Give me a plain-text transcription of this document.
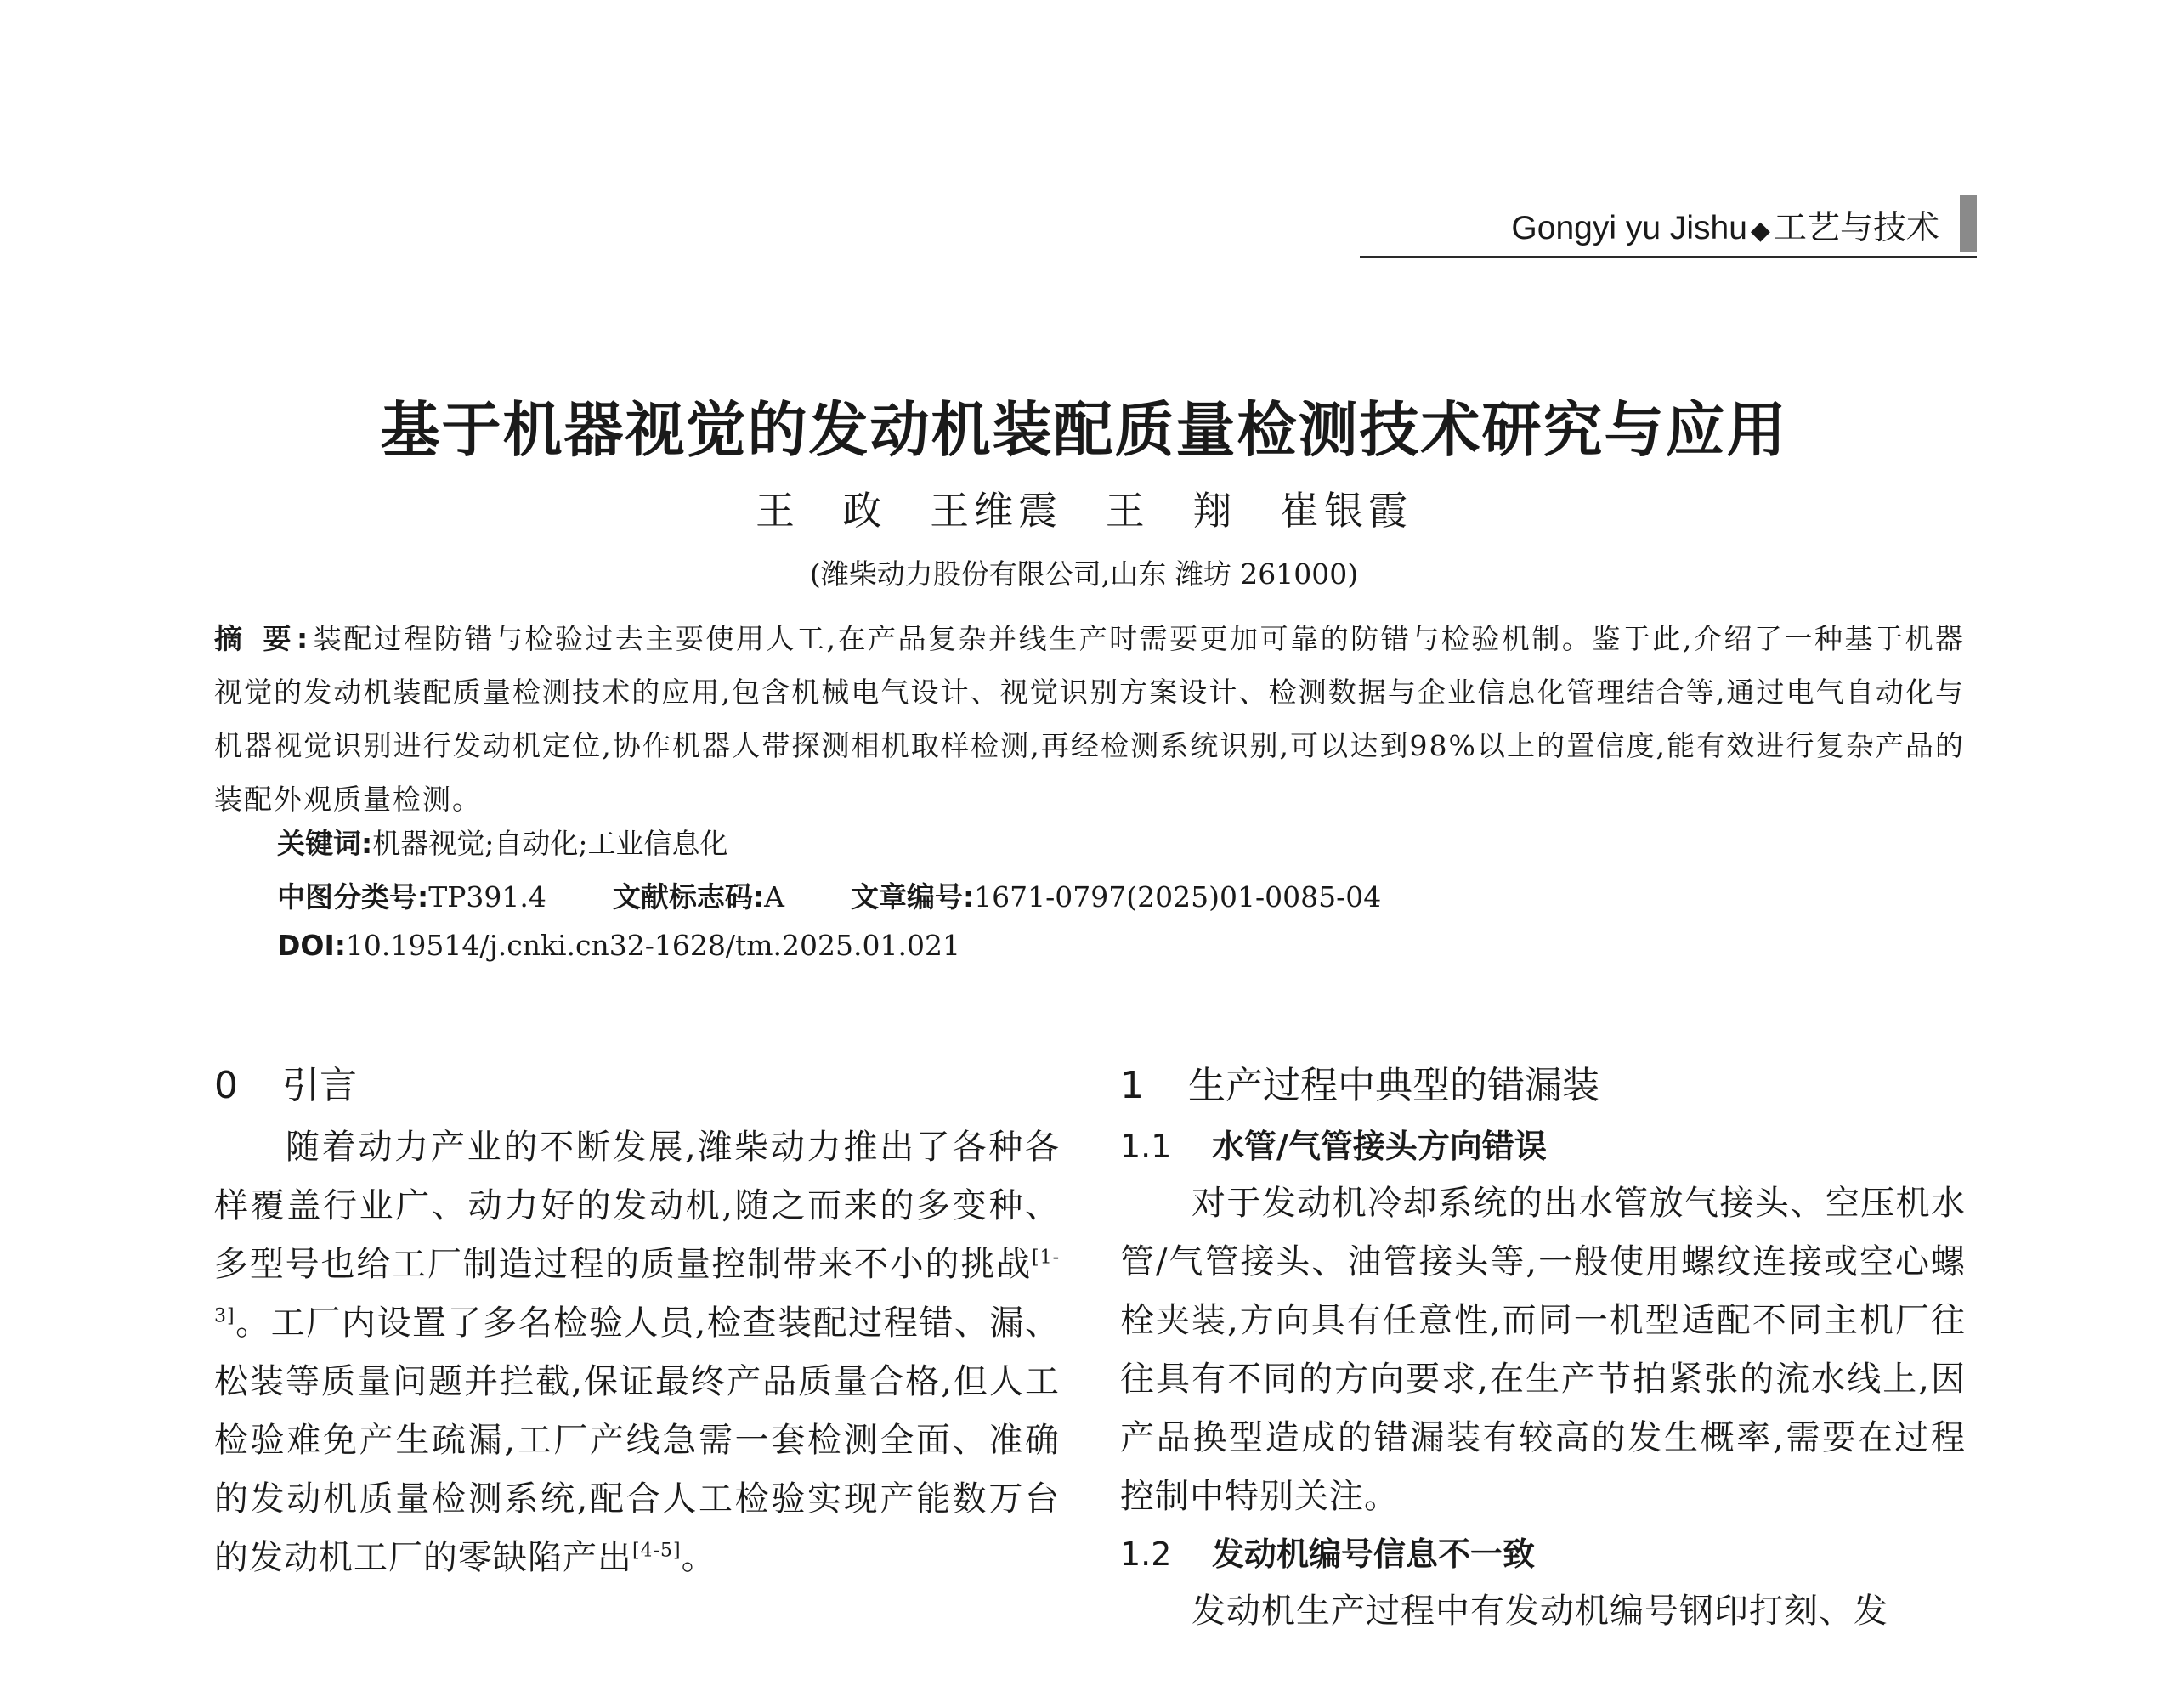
Gongyi yu Jishu ◆ 工艺与技术
基于机器视觉的发动机装配质量检测技术研究与应用
王 政 王维震 王 翔 崔银霞
(潍柴动力股份有限公司,山东 潍坊 261000)
摘 要:装配过程防错与检验过去主要使用人工,在产品复杂并线生产时需要更加可靠的防错与检验机制。鉴于此,介绍了一种基于机器视觉的发动机装配质量检测技术的应用,包含机械电气设计、视觉识别方案设计、检测数据与企业信息化管理结合等,通过电气自动化与机器视觉识别进行发动机定位,协作机器人带探测相机取样检测,再经检测系统识别,可以达到98%以上的置信度,能有效进行复杂产品的装配外观质量检测。
关键词:机器视觉;自动化;工业信息化
中图分类号:TP391.4 文献标志码:A 文章编号:1671-0797(2025)01-0085-04
DOI:10.19514/j.cnki.cn32-1628/tm.2025.01.021
0 引言

随着动力产业的不断发展,潍柴动力推出了各种各样覆盖行业广、动力好的发动机,随之而来的多变种、多型号也给工厂制造过程的质量控制带来不小的挑战[1-3]。工厂内设置了多名检验人员,检查装配过程错、漏、松装等质量问题并拦截,保证最终产品质量合格,但人工检验难免产生疏漏,工厂产线急需一套检测全面、准确的发动机质量检测系统,配合人工检验实现产能数万台的发动机工厂的零缺陷产出[4-5]。

1 生产过程中典型的错漏装
1.1 水管/气管接头方向错误

对于发动机冷却系统的出水管放气接头、空压机水管/气管接头、油管接头等,一般使用螺纹连接或空心螺栓夹装,方向具有任意性,而同一机型适配不同主机厂往往具有不同的方向要求,在生产节拍紧张的流水线上,因产品换型造成的错漏装有较高的发生概率,需要在过程控制中特别关注。

1.2 发动机编号信息不一致

发动机生产过程中有发动机编号钢印打刻、发
